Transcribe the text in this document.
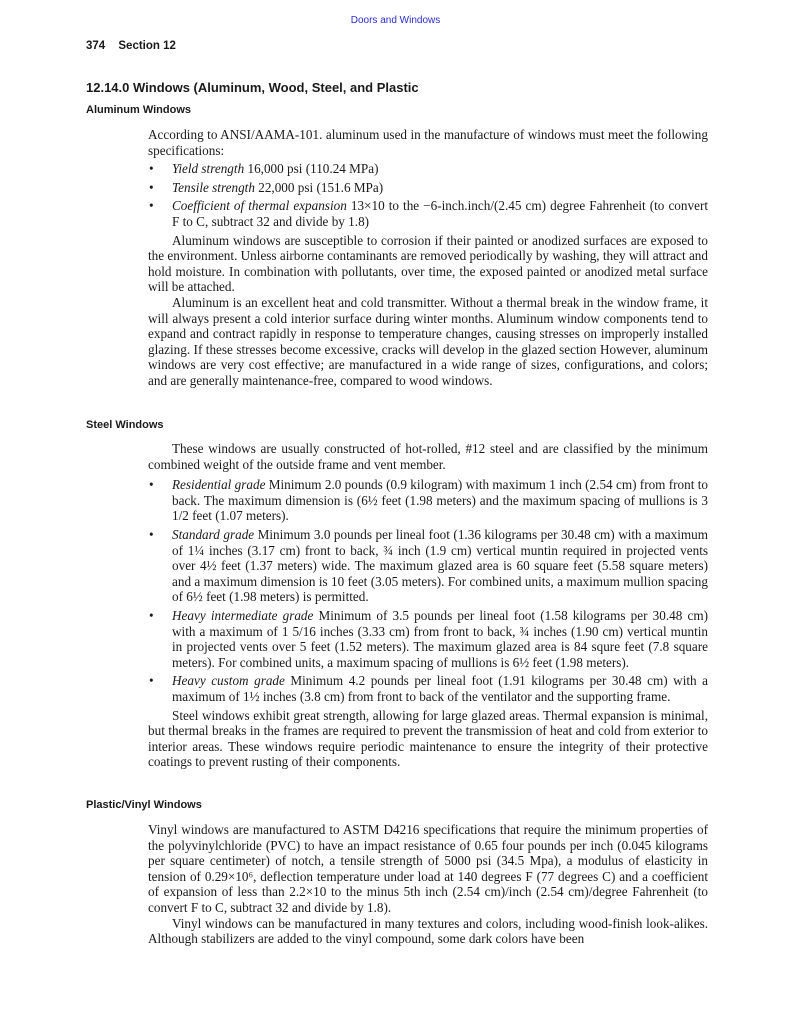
Doors and Windows
374 Section 12
12.14.0 Windows (Aluminum, Wood, Steel, and Plastic
Aluminum Windows

According to ANSI/AAMA-101. aluminum used in the manufacture of windows must meet the following specifications:

• Yield strength 16,000 psi (110.24 MPa)
• Tensile strength 22,000 psi (151.6 MPa)
• Coefficient of thermal expansion 13×10 to the −6-inch.inch/(2.45 cm) degree Fahrenheit (to convert F to C, subtract 32 and divide by 1.8)

Aluminum windows are susceptible to corrosion if their painted or anodized surfaces are exposed to the environment. Unless airborne contaminants are removed periodically by washing, they will attract and hold moisture. In combination with pollutants, over time, the exposed painted or anodized metal surface will be attached.

Aluminum is an excellent heat and cold transmitter. Without a thermal break in the window frame, it will always present a cold interior surface during winter months. Aluminum window components tend to expand and contract rapidly in response to temperature changes, causing stresses on improperly installed glazing. If these stresses become excessive, cracks will develop in the glazed section However, aluminum windows are very cost effective; are manufactured in a wide range of sizes, configurations, and colors; and are generally maintenance-free, compared to wood windows.

Steel Windows

These windows are usually constructed of hot-rolled, #12 steel and are classified by the minimum combined weight of the outside frame and vent member.

• Residential grade Minimum 2.0 pounds (0.9 kilogram) with maximum 1 inch (2.54 cm) from front to back. The maximum dimension is (6½ feet (1.98 meters) and the maximum spacing of mullions is 3 1/2 feet (1.07 meters).
• Standard grade Minimum 3.0 pounds per lineal foot (1.36 kilograms per 30.48 cm) with a maximum of 1¼ inches (3.17 cm) front to back, ¾ inch (1.9 cm) vertical muntin required in projected vents over 4½ feet (1.37 meters) wide. The maximum glazed area is 60 square feet (5.58 square meters) and a maximum dimension is 10 feet (3.05 meters). For combined units, a maximum mullion spacing of 6½ feet (1.98 meters) is permitted.
• Heavy intermediate grade Minimum of 3.5 pounds per lineal foot (1.58 kilograms per 30.48 cm) with a maximum of 1 5/16 inches (3.33 cm) from front to back, ¾ inches (1.90 cm) vertical muntin in projected vents over 5 feet (1.52 meters). The maximum glazed area is 84 squre feet (7.8 square meters). For combined units, a maximum spacing of mullions is 6½ feet (1.98 meters).
• Heavy custom grade Minimum 4.2 pounds per lineal foot (1.91 kilograms per 30.48 cm) with a maximum of 1½ inches (3.8 cm) from front to back of the ventilator and the supporting frame.

Steel windows exhibit great strength, allowing for large glazed areas. Thermal expansion is minimal, but thermal breaks in the frames are required to prevent the transmission of heat and cold from exterior to interior areas. These windows require periodic maintenance to ensure the integrity of their protective coatings to prevent rusting of their components.

Plastic/Vinyl Windows

Vinyl windows are manufactured to ASTM D4216 specifications that require the minimum properties of the polyvinylchloride (PVC) to have an impact resistance of 0.65 four pounds per inch (0.045 kilograms per square centimeter) of notch, a tensile strength of 5000 psi (34.5 Mpa), a modulus of elasticity in tension of 0.29×10⁶, deflection temperature under load at 140 degrees F (77 degrees C) and a coefficient of expansion of less than 2.2×10 to the minus 5th inch (2.54 cm)/inch (2.54 cm)/degree Fahrenheit (to convert F to C, subtract 32 and divide by 1.8).

Vinyl windows can be manufactured in many textures and colors, including wood-finish look-alikes. Although stabilizers are added to the vinyl compound, some dark colors have been
